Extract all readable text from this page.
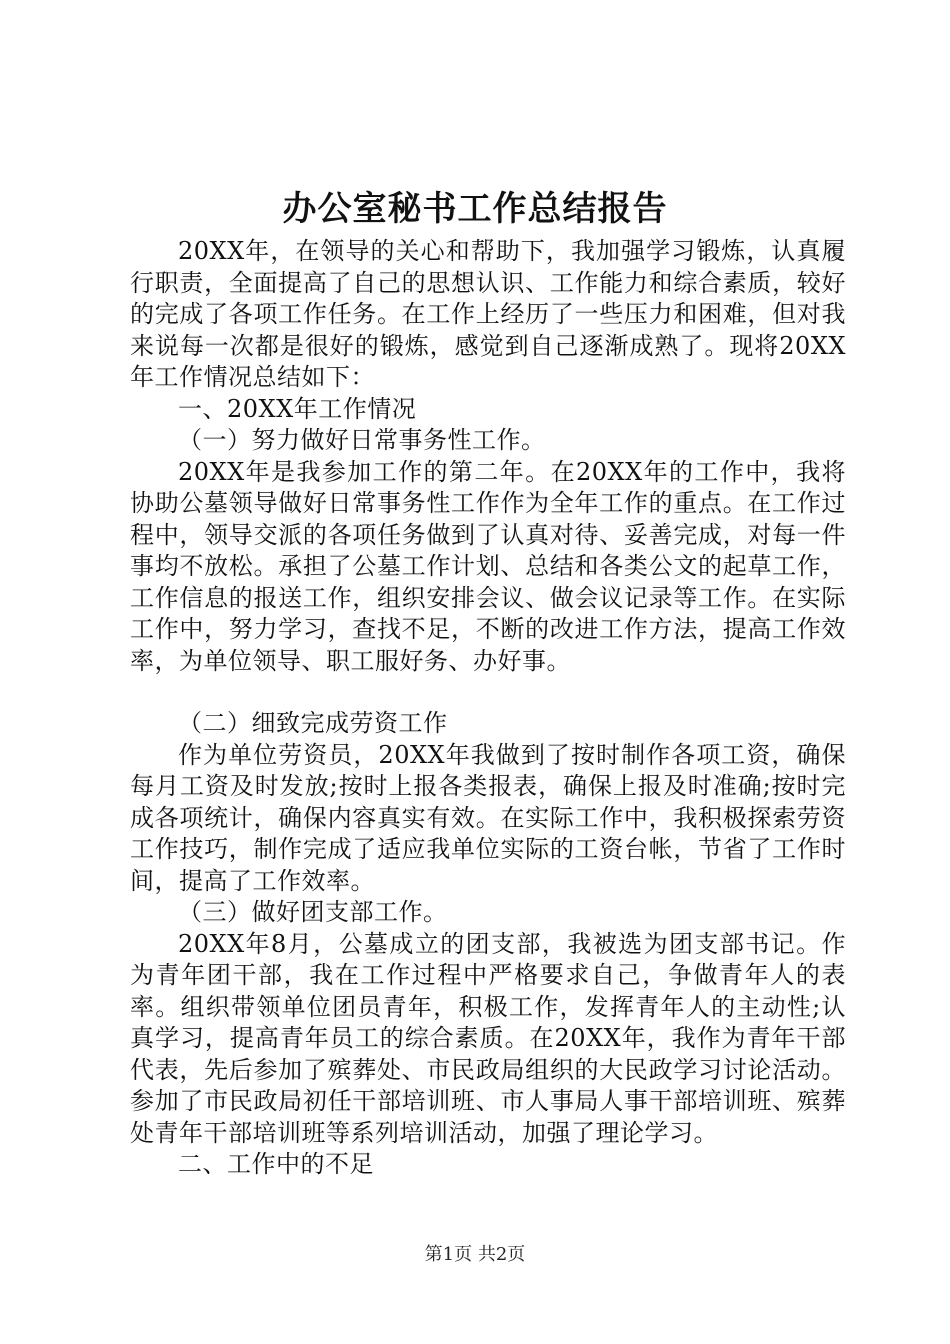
办公室秘书工作总结报告

20XX年，在领导的关心和帮助下，我加强学习锻炼，认真履行职责，全面提高了自己的思想认识、工作能力和综合素质，较好的完成了各项工作任务。在工作上经历了一些压力和困难，但对我来说每一次都是很好的锻炼，感觉到自己逐渐成熟了。现将20XX年工作情况总结如下：

一、20XX年工作情况

（一）努力做好日常事务性工作。

20XX年是我参加工作的第二年。在20XX年的工作中，我将协助公墓领导做好日常事务性工作作为全年工作的重点。在工作过程中，领导交派的各项任务做到了认真对待、妥善完成，对每一件事均不放松。承担了公墓工作计划、总结和各类公文的起草工作，工作信息的报送工作，组织安排会议、做会议记录等工作。在实际工作中，努力学习，查找不足，不断的改进工作方法，提高工作效率，为单位领导、职工服好务、办好事。

（二）细致完成劳资工作

作为单位劳资员，20XX年我做到了按时制作各项工资，确保每月工资及时发放;按时上报各类报表，确保上报及时准确;按时完成各项统计，确保内容真实有效。在实际工作中，我积极探索劳资工作技巧，制作完成了适应我单位实际的工资台帐，节省了工作时间，提高了工作效率。

（三）做好团支部工作。

20XX年8月，公墓成立的团支部，我被选为团支部书记。作为青年团干部，我在工作过程中严格要求自己，争做青年人的表率。组织带领单位团员青年，积极工作，发挥青年人的主动性;认真学习，提高青年员工的综合素质。在20XX年，我作为青年干部代表，先后参加了殡葬处、市民政局组织的大民政学习讨论活动。参加了市民政局初任干部培训班、市人事局人事干部培训班、殡葬处青年干部培训班等系列培训活动，加强了理论学习。

二、工作中的不足

第1页 共2页
